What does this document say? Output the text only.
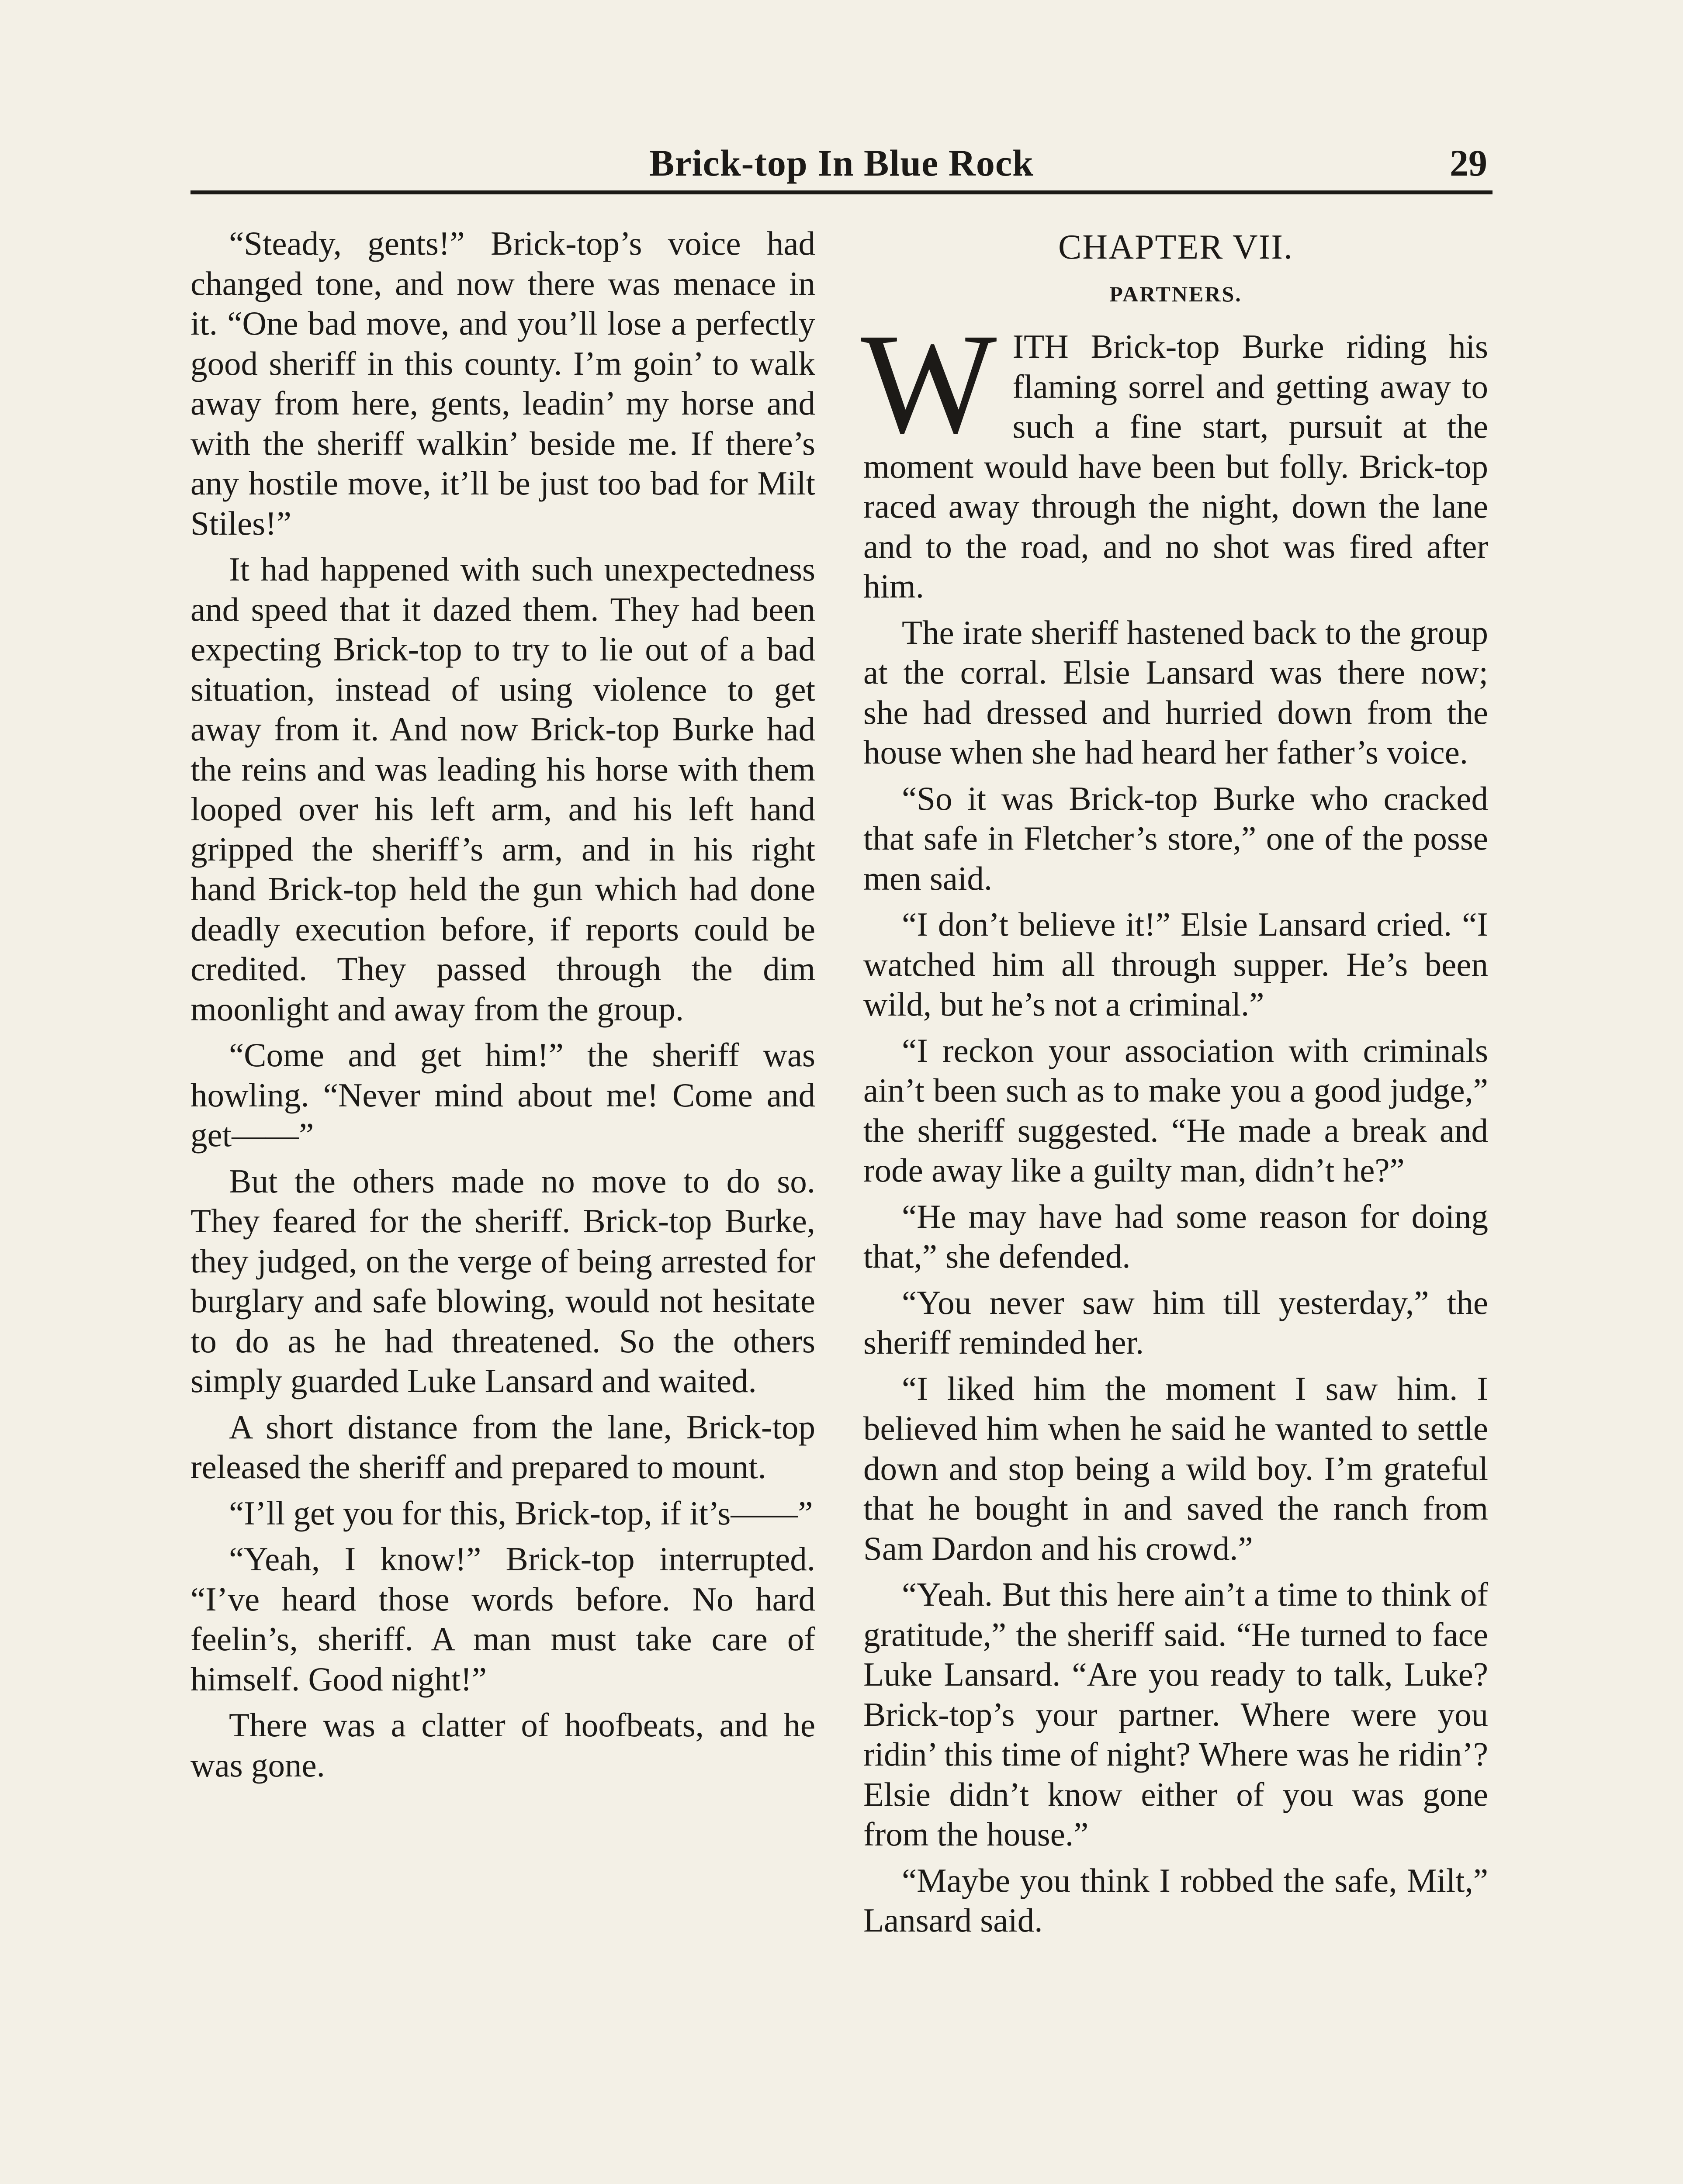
Brick-top In Blue Rock	29

“Steady, gents!” Brick-top’s voice had changed tone, and now there was menace in it. “One bad move, and you’ll lose a perfectly good sheriff in this county. I’m goin’ to walk away from here, gents, leadin’ my horse and with the sheriff walkin’ beside me. If there’s any hostile move, it’ll be just too bad for Milt Stiles!”

It had happened with such unexpectedness and speed that it dazed them. They had been expecting Brick-top to try to lie out of a bad situation, instead of using violence to get away from it. And now Brick-top Burke had the reins and was leading his horse with them looped over his left arm, and his left hand gripped the sheriff’s arm, and in his right hand Brick-top held the gun which had done deadly execution before, if reports could be credited. They passed through the dim moonlight and away from the group.

“Come and get him!” the sheriff was howling. “Never mind about me! Come and get——”

But the others made no move to do so. They feared for the sheriff. Brick-top Burke, they judged, on the verge of being arrested for burglary and safe blowing, would not hesitate to do as he had threatened. So the others simply guarded Luke Lansard and waited.

A short distance from the lane, Brick-top released the sheriff and prepared to mount.

“I’ll get you for this, Brick-top, if it’s——”

“Yeah, I know!” Brick-top interrupted. “I’ve heard those words before. No hard feelin’s, sheriff. A man must take care of himself. Good night!”

There was a clatter of hoofbeats, and he was gone.

CHAPTER VII.
PARTNERS.

WITH Brick-top Burke riding his flaming sorrel and getting away to such a fine start, pursuit at the moment would have been but folly. Brick-top raced away through the night, down the lane and to the road, and no shot was fired after him.

The irate sheriff hastened back to the group at the corral. Elsie Lansard was there now; she had dressed and hurried down from the house when she had heard her father’s voice.

“So it was Brick-top Burke who cracked that safe in Fletcher’s store,” one of the posse men said.

“I don’t believe it!” Elsie Lansard cried. “I watched him all through supper. He’s been wild, but he’s not a criminal.”

“I reckon your association with criminals ain’t been such as to make you a good judge,” the sheriff suggested. “He made a break and rode away like a guilty man, didn’t he?”

“He may have had some reason for doing that,” she defended.

“You never saw him till yesterday,” the sheriff reminded her.

“I liked him the moment I saw him. I believed him when he said he wanted to settle down and stop being a wild boy. I’m grateful that he bought in and saved the ranch from Sam Dardon and his crowd.”

“Yeah. But this here ain’t a time to think of gratitude,” the sheriff said. “He turned to face Luke Lansard. “Are you ready to talk, Luke? Brick-top’s your partner. Where were you ridin’ this time of night? Where was he ridin’? Elsie didn’t know either of you was gone from the house.”

“Maybe you think I robbed the safe, Milt,” Lansard said.
